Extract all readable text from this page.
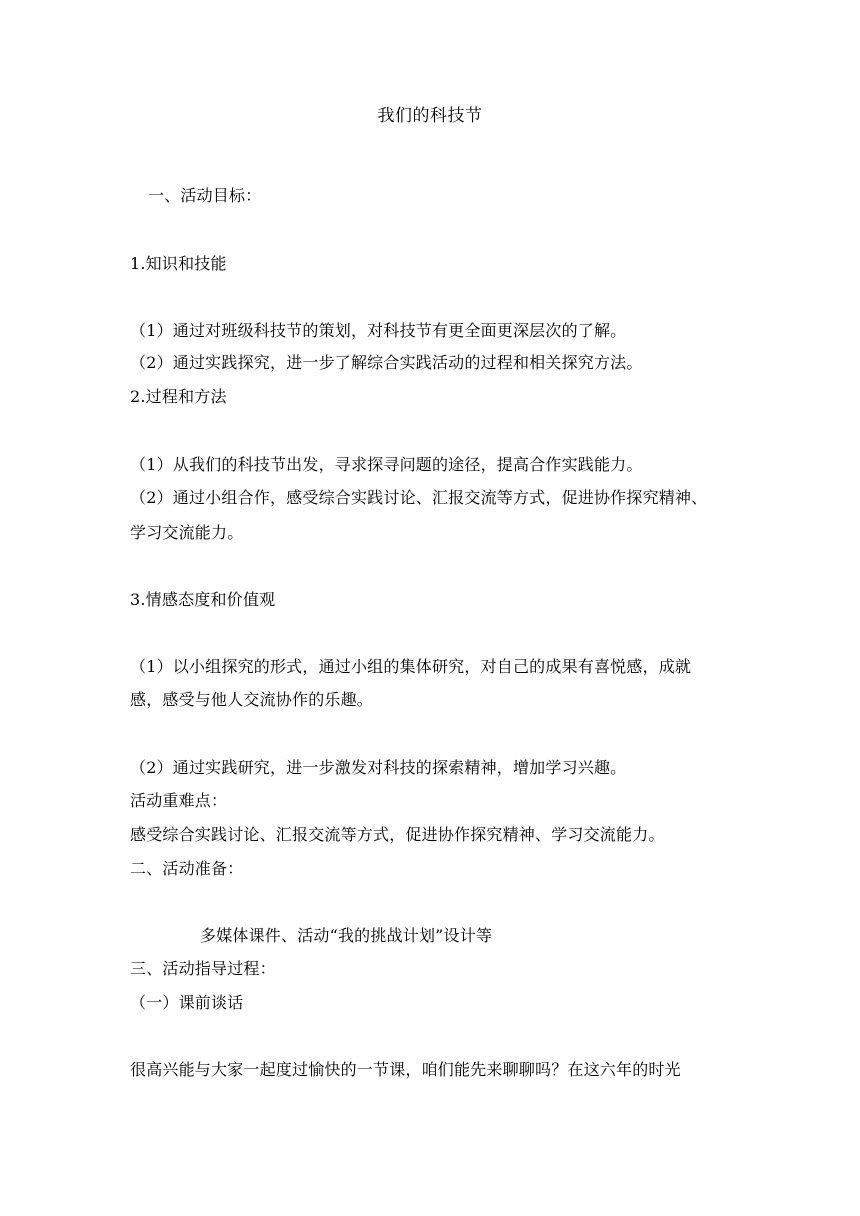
我们的科技节
一、活动目标：
1.知识和技能
（1）通过对班级科技节的策划，对科技节有更全面更深层次的了解。
（2）通过实践探究，进一步了解综合实践活动的过程和相关探究方法。
2.过程和方法
（1）从我们的科技节出发，寻求探寻问题的途径，提高合作实践能力。
（2）通过小组合作，感受综合实践讨论、汇报交流等方式，促进协作探究精神、
学习交流能力。
3.情感态度和价值观
（1）以小组探究的形式，通过小组的集体研究，对自己的成果有喜悦感，成就
感，感受与他人交流协作的乐趣。
（2）通过实践研究，进一步激发对科技的探索精神，增加学习兴趣。
活动重难点：
感受综合实践讨论、汇报交流等方式，促进协作探究精神、学习交流能力。
二、活动准备：
多媒体课件、活动“我的挑战计划”设计等
三、活动指导过程：
（一）课前谈话
很高兴能与大家一起度过愉快的一节课，咱们能先来聊聊吗？在这六年的时光
